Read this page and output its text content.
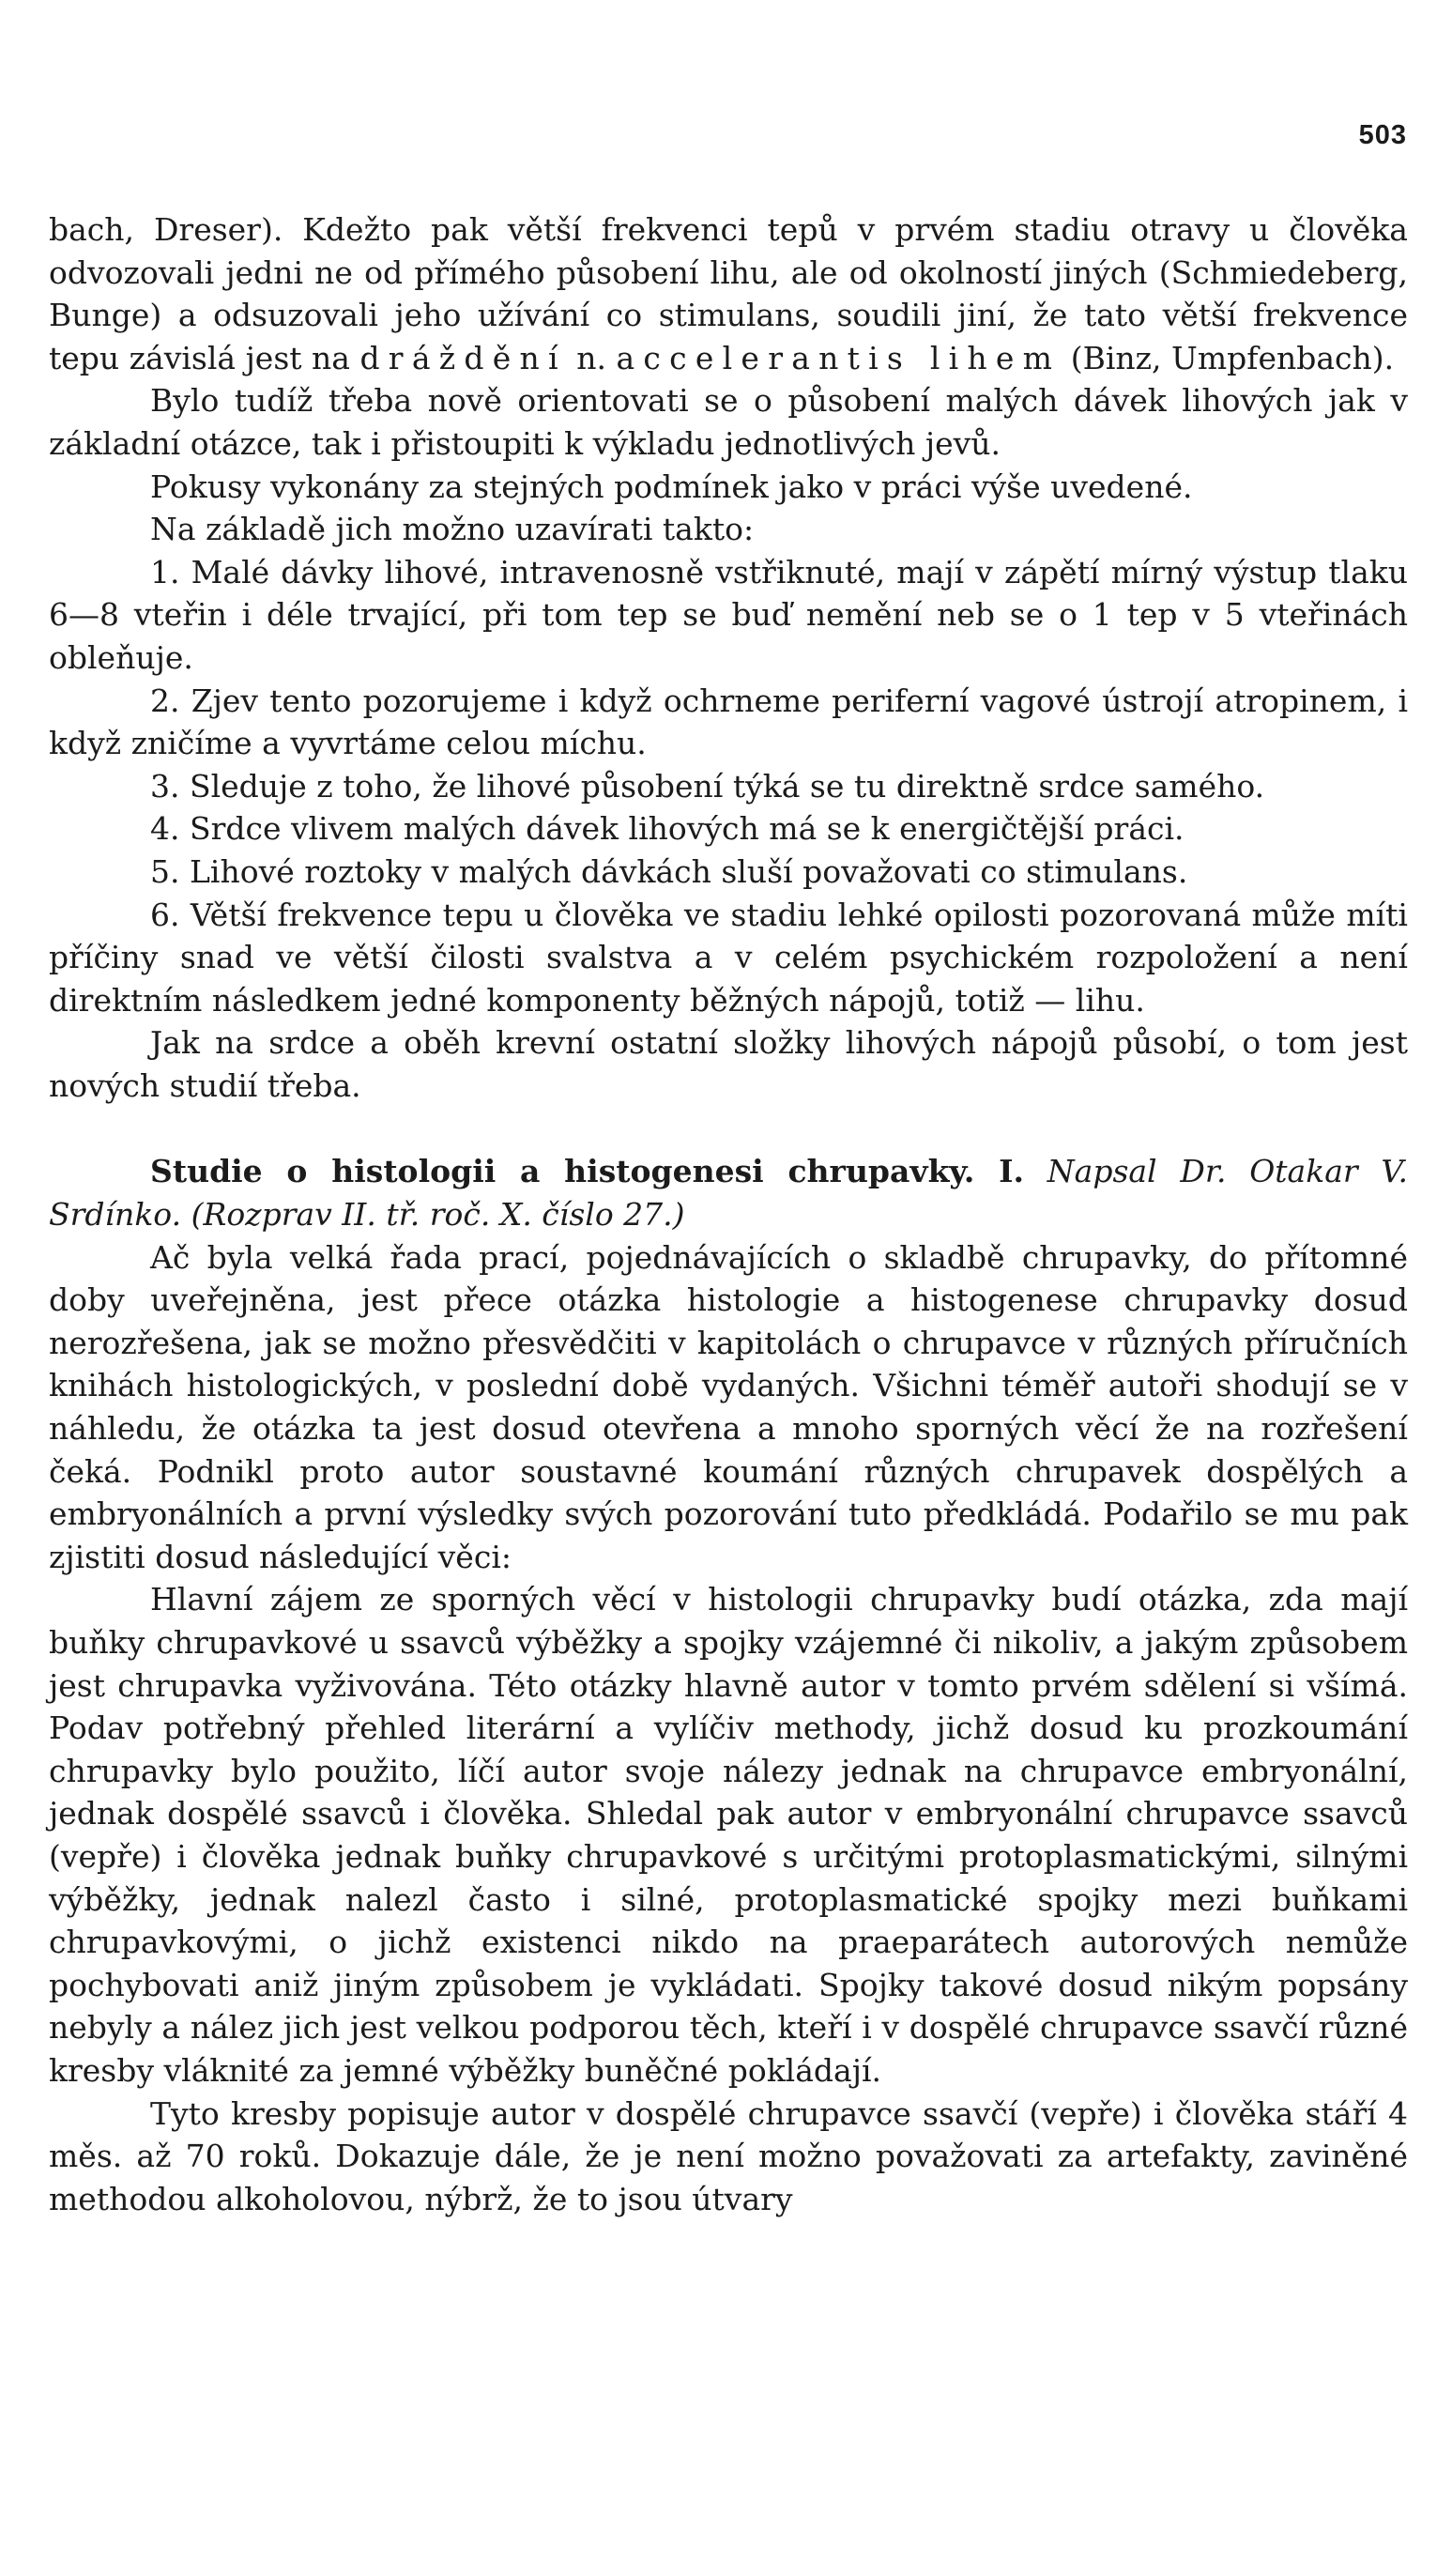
503

bach, Dreser). Kdežto pak větší frekvenci tepů v prvém stadiu otravy u člověka odvozovali jedni ne od přímého působení lihu, ale od okolností jiných (Schmiedeberg, Bunge) a odsuzovali jeho užívání co stimulans, soudili jiní, že tato větší frekvence tepu závislá jest na dráždění n. accelerantis lihem (Binz, Umpfenbach).

Bylo tudíž třeba nově orientovati se o působení malých dávek lihových jak v základní otázce, tak i přistoupiti k výkladu jednotlivých jevů.

Pokusy vykonány za stejných podmínek jako v práci výše uvedené.

Na základě jich možno uzavírati takto:

1. Malé dávky lihové, intravenosně vstřiknuté, mají v zápětí mírný výstup tlaku 6—8 vteřin i déle trvající, při tom tep se buď nemění neb se o 1 tep v 5 vteřinách obleňuje.

2. Zjev tento pozorujeme i když ochrneme periferní vagové ústrojí atropinem, i když zničíme a vyvrtáme celou míchu.

3. Sleduje z toho, že lihové působení týká se tu direktně srdce samého.

4. Srdce vlivem malých dávek lihových má se k energičtější práci.

5. Lihové roztoky v malých dávkách sluší považovati co stimulans.

6. Větší frekvence tepu u člověka ve stadiu lehké opilosti pozorovaná může míti příčiny snad ve větší čilosti svalstva a v celém psychickém rozpoložení a není direktním následkem jedné komponenty běžných nápojů, totiž — lihu.

Jak na srdce a oběh krevní ostatní složky lihových nápojů působí, o tom jest nových studií třeba.

Studie o histologii a histogenesi chrupavky. I. Napsal Dr. Otakar V. Srdínko. (Rozprav II. tř. roč. X. číslo 27.)

Ač byla velká řada prací, pojednávajících o skladbě chrupavky, do přítomné doby uveřejněna, jest přece otázka histologie a histogenese chrupavky dosud nerozřešena, jak se možno přesvědčiti v kapitolách o chrupavce v různých příručních knihách histologických, v poslední době vydaných. Všichni téměř autoři shodují se v náhledu, že otázka ta jest dosud otevřena a mnoho sporných věcí že na rozřešení čeká. Podnikl proto autor soustavné koumání různých chrupavek dospělých a embryonálních a první výsledky svých pozorování tuto předkládá. Podařilo se mu pak zjistiti dosud následující věci:

Hlavní zájem ze sporných věcí v histologii chrupavky budí otázka, zda mají buňky chrupavkové u ssavců výběžky a spojky vzájemné či nikoliv, a jakým způsobem jest chrupavka vyživována. Této otázky hlavně autor v tomto prvém sdělení si všímá. Podav potřebný přehled literární a vylíčiv methody, jichž dosud ku prozkoumání chrupavky bylo použito, líčí autor svoje nálezy jednak na chrupavce embryonální, jednak dospělé ssavců i člověka. Shledal pak autor v embryonální chrupavce ssavců (vepře) i člověka jednak buňky chrupavkové s určitými protoplasmatickými, silnými výběžky, jednak nalezl často i silné, protoplasmatické spojky mezi buňkami chrupavkovými, o jichž existenci nikdo na praeparátech autorových nemůže pochybovati aniž jiným způsobem je vykládati. Spojky takové dosud nikým popsány nebyly a nález jich jest velkou podporou těch, kteří i v dospělé chrupavce ssavčí různé kresby vláknité za jemné výběžky buněčné pokládají.

Tyto kresby popisuje autor v dospělé chrupavce ssavčí (vepře) i člověka stáří 4 měs. až 70 roků. Dokazuje dále, že je není možno považovati za artefakty, zaviněné methodou alkoholovou, nýbrž, že to jsou útvary
